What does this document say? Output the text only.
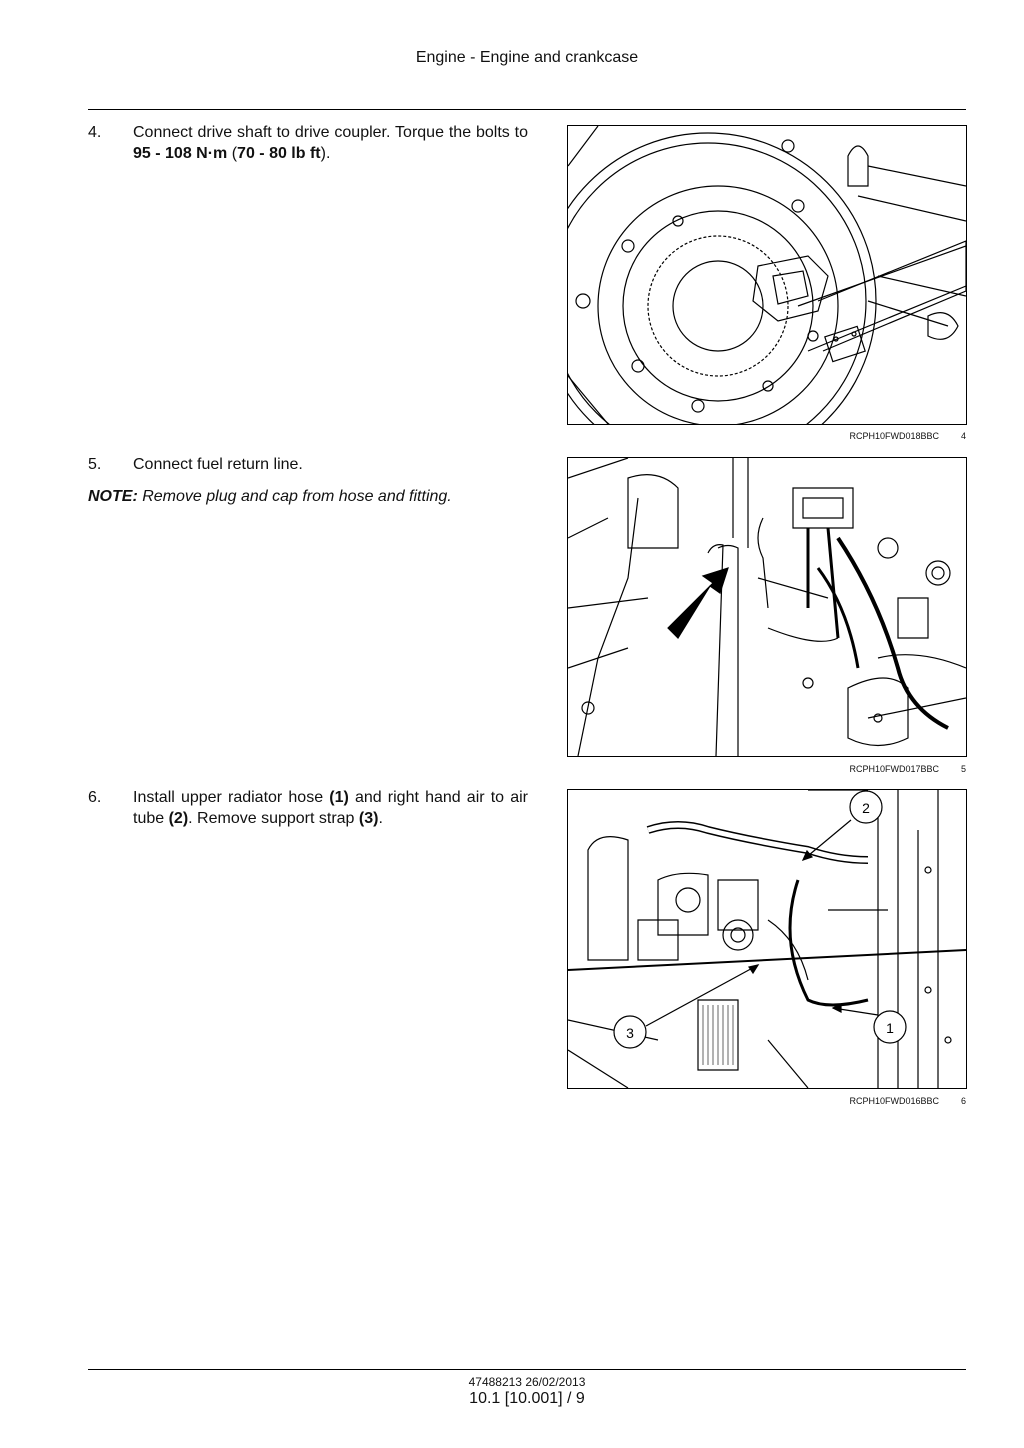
Engine - Engine and crankcase
4. Connect drive shaft to drive coupler. Torque the bolts to 95 - 108 N·m (70 - 80 lb ft).
RCPH10FWD018BBC 4
5. Connect fuel return line.
NOTE: Remove plug and cap from hose and fitting.
RCPH10FWD017BBC 5
6. Install upper radiator hose (1) and right hand air to air tube (2). Remove support strap (3).
2
1
3
RCPH10FWD016BBC 6
47488213 26/02/2013
10.1 [10.001] / 9
